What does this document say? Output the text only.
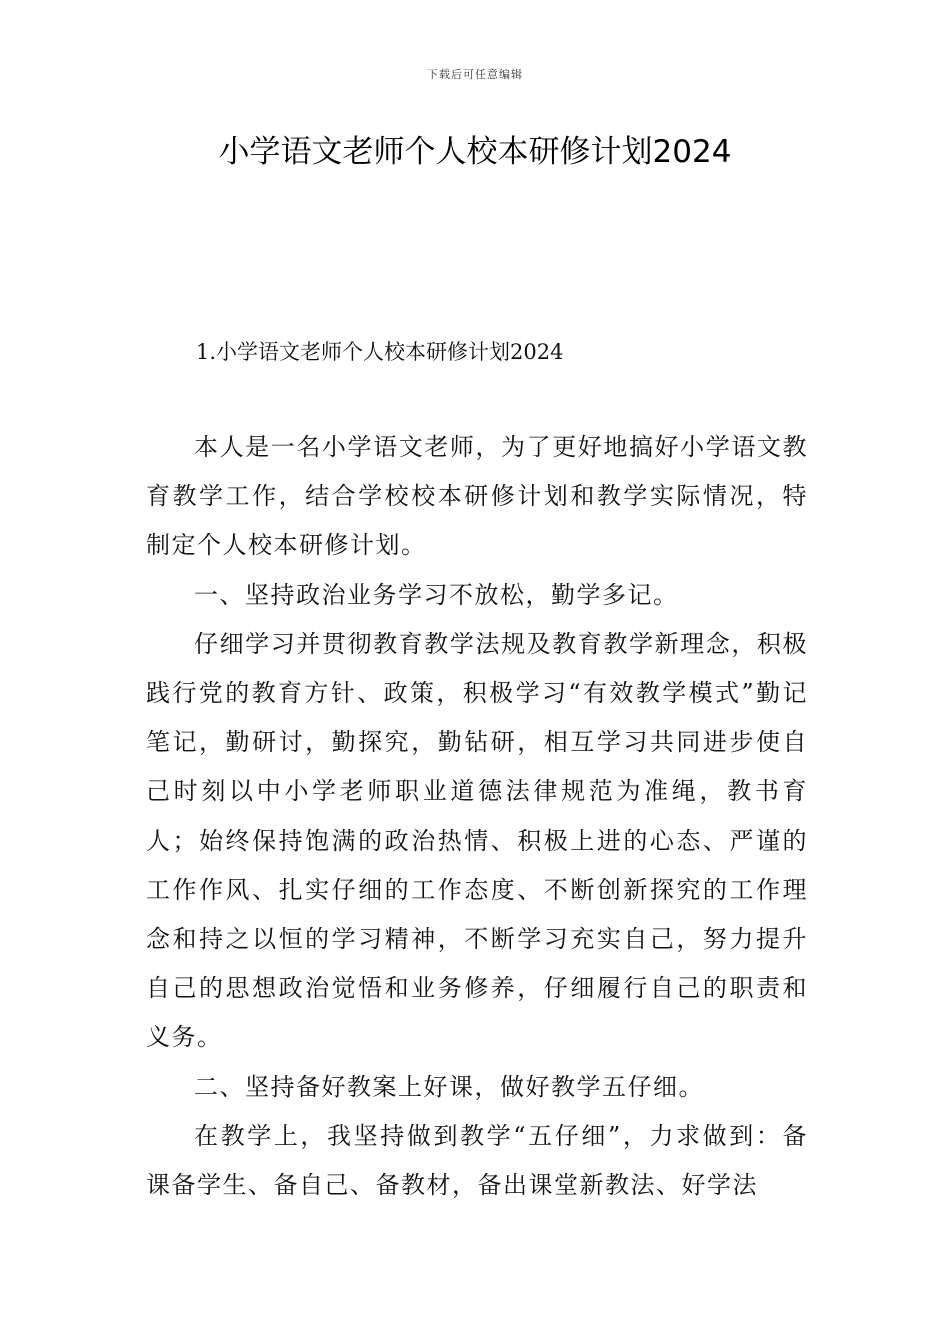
下载后可任意编辑
小学语文老师个人校本研修计划2024
1.小学语文老师个人校本研修计划2024

本人是一名小学语文老师，为了更好地搞好小学语文教育教学工作，结合学校校本研修计划和教学实际情况，特制定个人校本研修计划。

一、坚持政治业务学习不放松，勤学多记。

仔细学习并贯彻教育教学法规及教育教学新理念，积极践行党的教育方针、政策，积极学习“有效教学模式”勤记笔记，勤研讨，勤探究，勤钻研，相互学习共同进步使自己时刻以中小学老师职业道德法律规范为准绳，教书育人；始终保持饱满的政治热情、积极上进的心态、严谨的工作作风、扎实仔细的工作态度、不断创新探究的工作理念和持之以恒的学习精神，不断学习充实自己，努力提升自己的思想政治觉悟和业务修养，仔细履行自己的职责和义务。

二、坚持备好教案上好课，做好教学五仔细。

在教学上，我坚持做到教学“五仔细”，力求做到：备课备学生、备自己、备教材，备出课堂新教法、好学法
